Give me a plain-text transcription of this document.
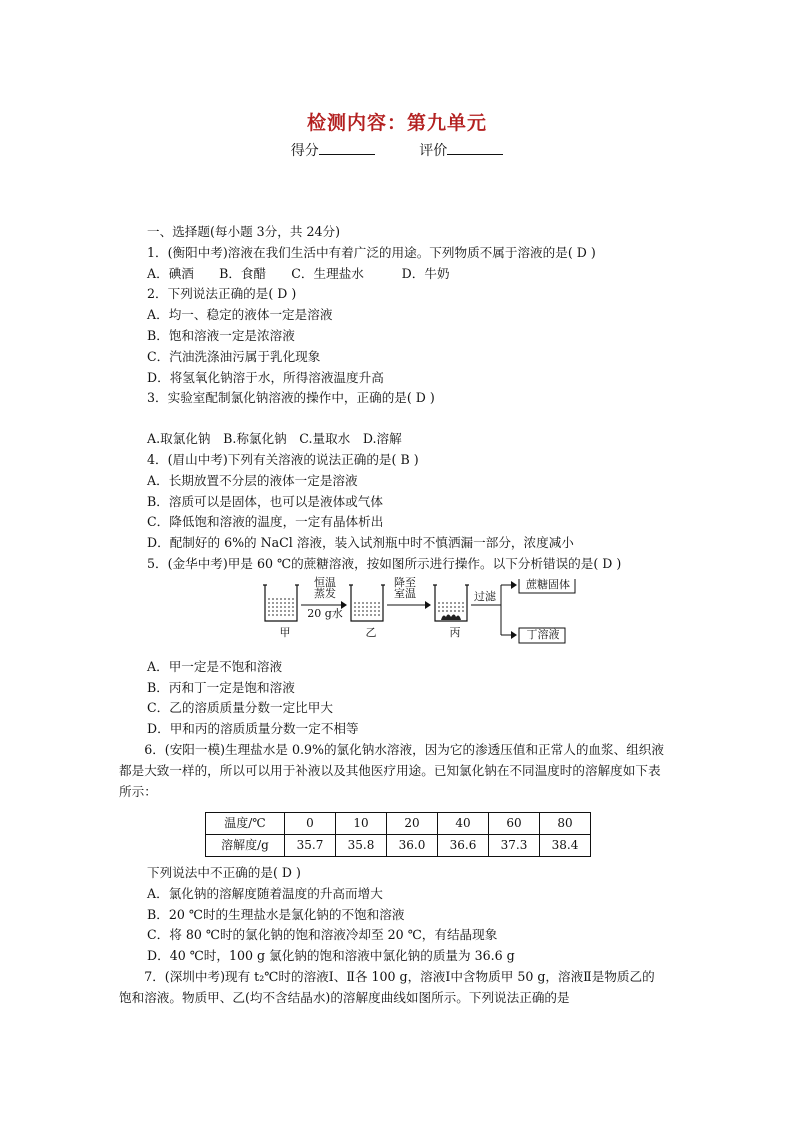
检测内容：第九单元
得分	评价
一、选择题(每小题 3分，共 24分)
1．(衡阳中考)溶液在我们生活中有着广泛的用途。下列物质不属于溶液的是( D )
A．碘酒　　B．食醋　　C．生理盐水　　　D．牛奶
2．下列说法正确的是( D )
A．均一、稳定的液体一定是溶液
B．饱和溶液一定是浓溶液
C．汽油洗涤油污属于乳化现象
D．将氢氧化钠溶于水，所得溶液温度升高
3．实验室配制氯化钠溶液的操作中，正确的是( D )
A.取氯化钠　B.称氯化钠　C.量取水　D.溶解
4．(眉山中考)下列有关溶液的说法正确的是( B )
A．长期放置不分层的液体一定是溶液
B．溶质可以是固体，也可以是液体或气体
C．降低饱和溶液的温度，一定有晶体析出
D．配制好的 6%的 NaCl 溶液，装入试剂瓶中时不慎洒漏一部分，浓度减小
5．(金华中考)甲是 60 ℃的蔗糖溶液，按如图所示进行操作。以下分析错误的是( D )
恒温
蒸发
20 g水
降至
室温	过滤
蔗糖固体
丁溶液
甲	乙	丙
A．甲一定是不饱和溶液
B．丙和丁一定是饱和溶液
C．乙的溶质质量分数一定比甲大
D．甲和丙的溶质质量分数一定不相等
6．(安阳一模)生理盐水是 0.9%的氯化钠水溶液，因为它的渗透压值和正常人的血浆、组织液都是大致一样的，所以可以用于补液以及其他医疗用途。已知氯化钠在不同温度时的溶解度如下表所示：
温度/℃	0	10	20	40	60	80
溶解度/g	35.7	35.8	36.0	36.6	37.3	38.4
下列说法中不正确的是( D )
A．氯化钠的溶解度随着温度的升高而增大
B．20 ℃时的生理盐水是氯化钠的不饱和溶液
C．将 80 ℃时的氯化钠的饱和溶液冷却至 20 ℃，有结晶现象
D．40 ℃时，100 g 氯化钠的饱和溶液中氯化钠的质量为 36.6 g
7．(深圳中考)现有 t₂℃时的溶液Ⅰ、Ⅱ各 100 g，溶液Ⅰ中含物质甲 50 g，溶液Ⅱ是物质乙的饱和溶液。物质甲、乙(均不含结晶水)的溶解度曲线如图所示。下列说法正确的是
